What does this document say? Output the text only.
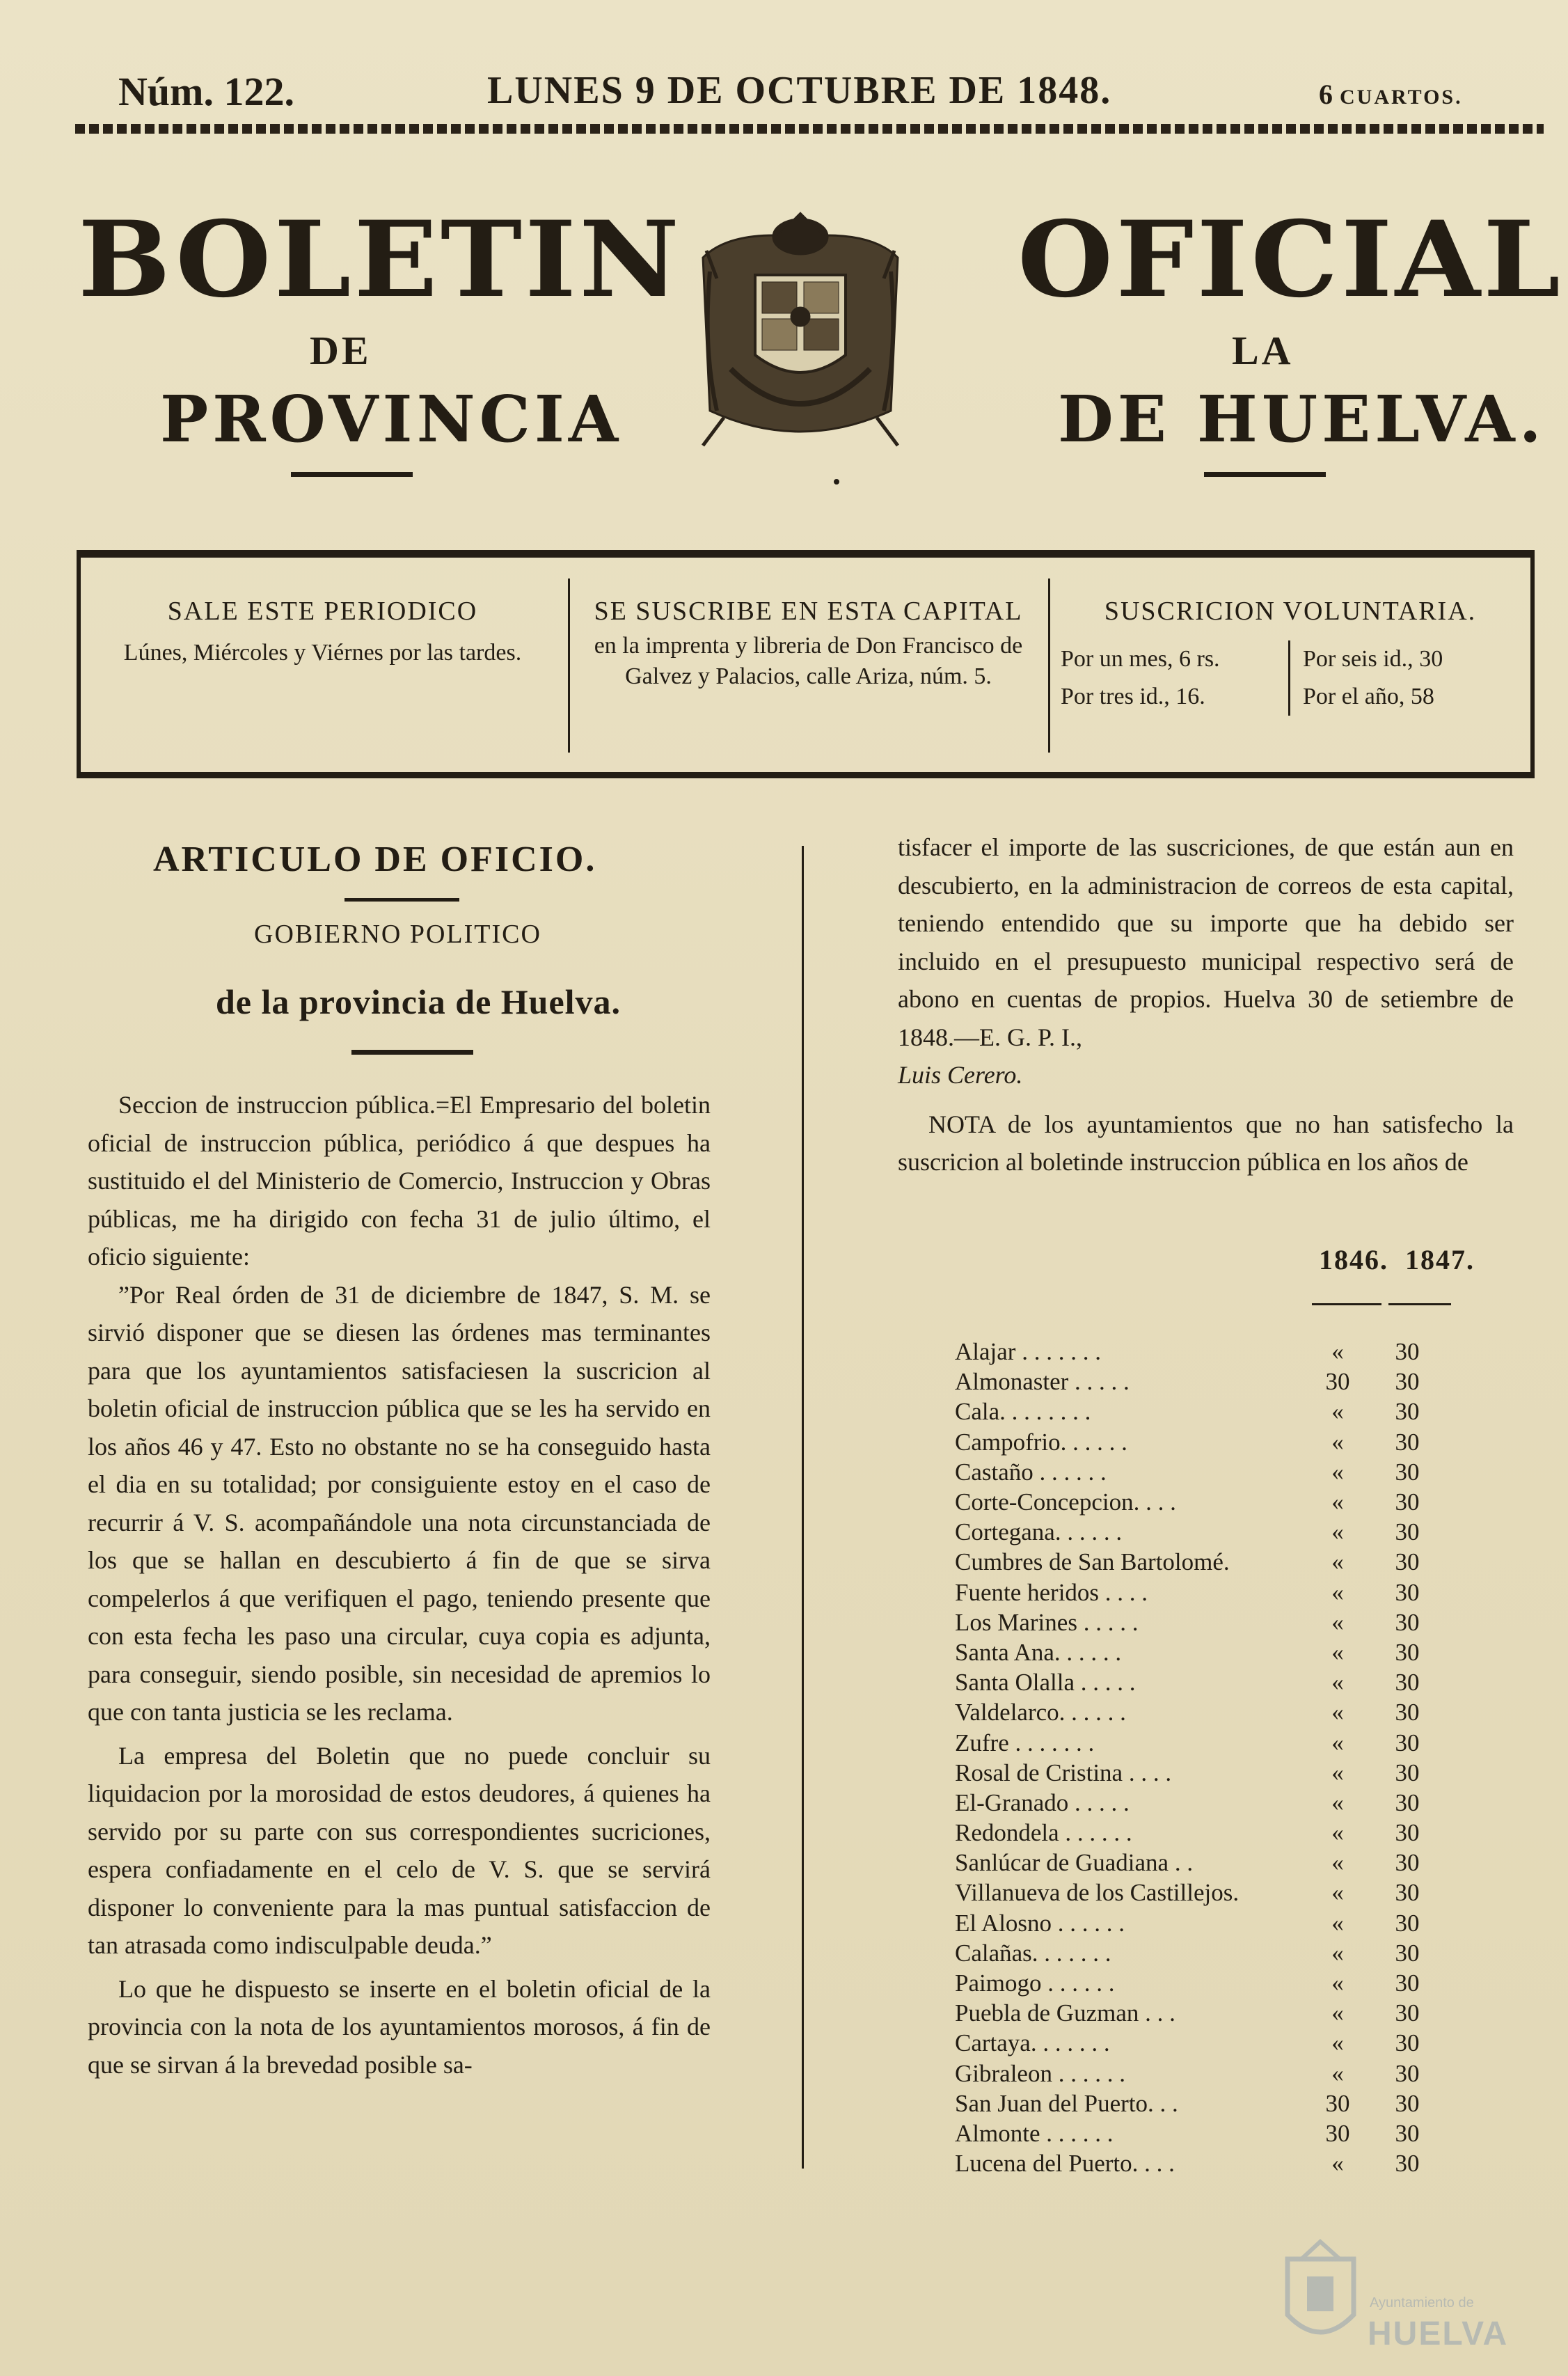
Núm. 122.	LUNES 9 DE OCTUBRE DE 1848.	6 CUARTOS.
BOLETIN	OFICIAL
DE	LA
PROVINCIA	DE HUELVA.
SALE ESTE PERIODICO
Lúnes, Miércoles y Viérnes por las tardes.
SE SUSCRIBE EN ESTA CAPITAL
en la imprenta y libreria de Don Francisco de Galvez y Palacios, calle Ariza, núm. 5.
SUSCRICION VOLUNTARIA.
Por un mes, 6 rs.	Por seis id., 30
Por tres id., 16.	Por el año, 58
ARTICULO DE OFICIO.
GOBIERNO POLITICO
de la provincia de Huelva.
Seccion de instruccion pública.=El Empresario del boletin oficial de instruccion pública, periódico á que despues ha sustituido el del Ministerio de Comercio, Instruccion y Obras públicas, me ha dirigido con fecha 31 de julio último, el oficio siguiente:
”Por Real órden de 31 de diciembre de 1847, S. M. se sirvió disponer que se diesen las órdenes mas terminantes para que los ayuntamientos satisfaciesen la suscricion al boletin oficial de instruccion pública que se les ha servido en los años 46 y 47. Esto no obstante no se ha conseguido hasta el dia en su totalidad; por consiguiente estoy en el caso de recurrir á V. S. acompañándole una nota circunstanciada de los que se hallan en descubierto á fin de que se sirva compelerlos á que verifiquen el pago, teniendo presente que con esta fecha les paso una circular, cuya copia es adjunta, para conseguir, siendo posible, sin necesidad de apremios lo que con tanta justicia se les reclama.
La empresa del Boletin que no puede concluir su liquidacion por la morosidad de estos deudores, á quienes ha servido por su parte con sus correspondientes sucriciones, espera confiadamente en el celo de V. S. que se servirá disponer lo conveniente para la mas puntual satisfaccion de tan atrasada como indisculpable deuda.”
Lo que he dispuesto se inserte en el boletin oficial de la provincia con la nota de los ayuntamientos morosos, á fin de que se sirvan á la brevedad posible sa-
tisfacer el importe de las suscriciones, de que están aun en descubierto, en la administracion de correos de esta capital, teniendo entendido que su importe que ha debido ser incluido en el presupuesto municipal respectivo será de abono en cuentas de propios. Huelva 30 de setiembre de 1848.—E. G. P. I.,
Luis Cerero.
NOTA de los ayuntamientos que no han satisfecho la suscricion al boletinde instruccion pública en los años de
1846. 1847.
Alajar . . . . . . .	«	30
Almonaster . . . . .	30	30
Cala. . . . . . . .	«	30
Campofrio. . . . . .	«	30
Castaño . . . . . .	«	30
Corte-Concepcion. . . .	«	30
Cortegana. . . . . .	«	30
Cumbres de San Bartolomé.	«	30
Fuente heridos . . . .	«	30
Los Marines . . . . .	«	30
Santa Ana. . . . . .	«	30
Santa Olalla . . . . .	«	30
Valdelarco. . . . . .	«	30
Zufre . . . . . . .	«	30
Rosal de Cristina . . . .	«	30
El-Granado . . . . .	«	30
Redondela . . . . . .	«	30
Sanlúcar de Guadiana . .	«	30
Villanueva de los Castillejos.	«	30
El Alosno . . . . . .	«	30
Calañas. . . . . . .	«	30
Paimogo . . . . . .	«	30
Puebla de Guzman . . .	«	30
Cartaya. . . . . . .	«	30
Gibraleon . . . . . .	«	30
San Juan del Puerto. . .	30	30
Almonte . . . . . .	30	30
Lucena del Puerto. . . .	«	30
Ayuntamiento de
HUELVA
